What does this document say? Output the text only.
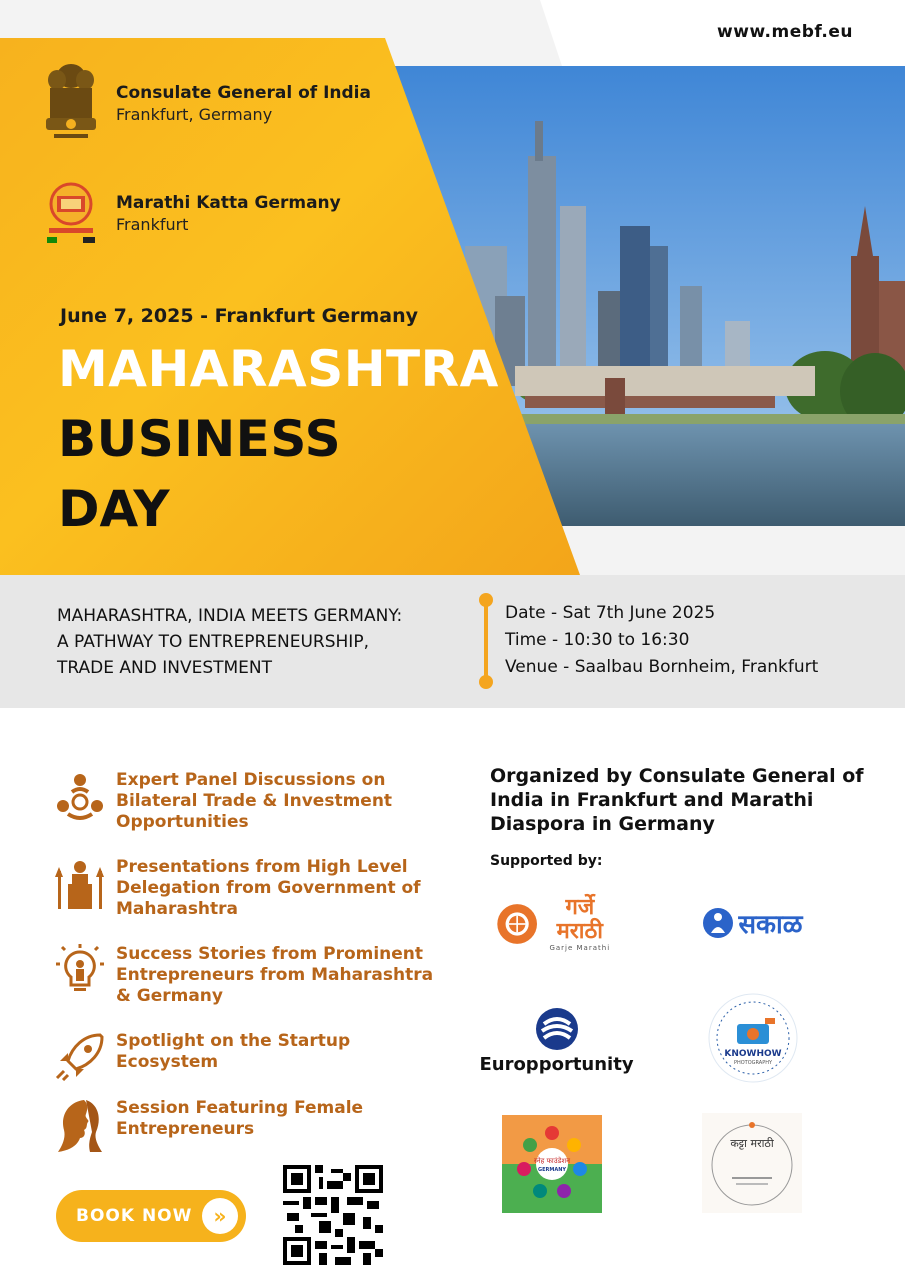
www.mebf.eu
Consulate General of India
Frankfurt, Germany
Marathi Katta Germany
Frankfurt
June 7, 2025 - Frankfurt Germany
MAHARASHTRA
BUSINESS
DAY
MAHARASHTRA, INDIA MEETS GERMANY:
A PATHWAY TO ENTREPRENEURSHIP,
TRADE AND INVESTMENT
Date - Sat 7th June 2025
Time - 10:30 to 16:30
Venue - Saalbau Bornheim, Frankfurt
Expert Panel Discussions on Bilateral Trade & Investment Opportunities
Presentations from High Level Delegation from Government of Maharashtra
Success Stories from Prominent Entrepreneurs from Maharashtra & Germany
Spotlight on the Startup Ecosystem
Session Featuring Female Entrepreneurs
BOOK NOW	»
Organized by Consulate General of India in Frankfurt and Marathi Diaspora in Germany
Supported by:
गर्जे मराठी
Garje Marathi
सकाळ
Europportunity	KNOWHOW
PHOTOGRAPHY
स्नेह फाउंडेशन
GERMANY
कट्टा मराठी
